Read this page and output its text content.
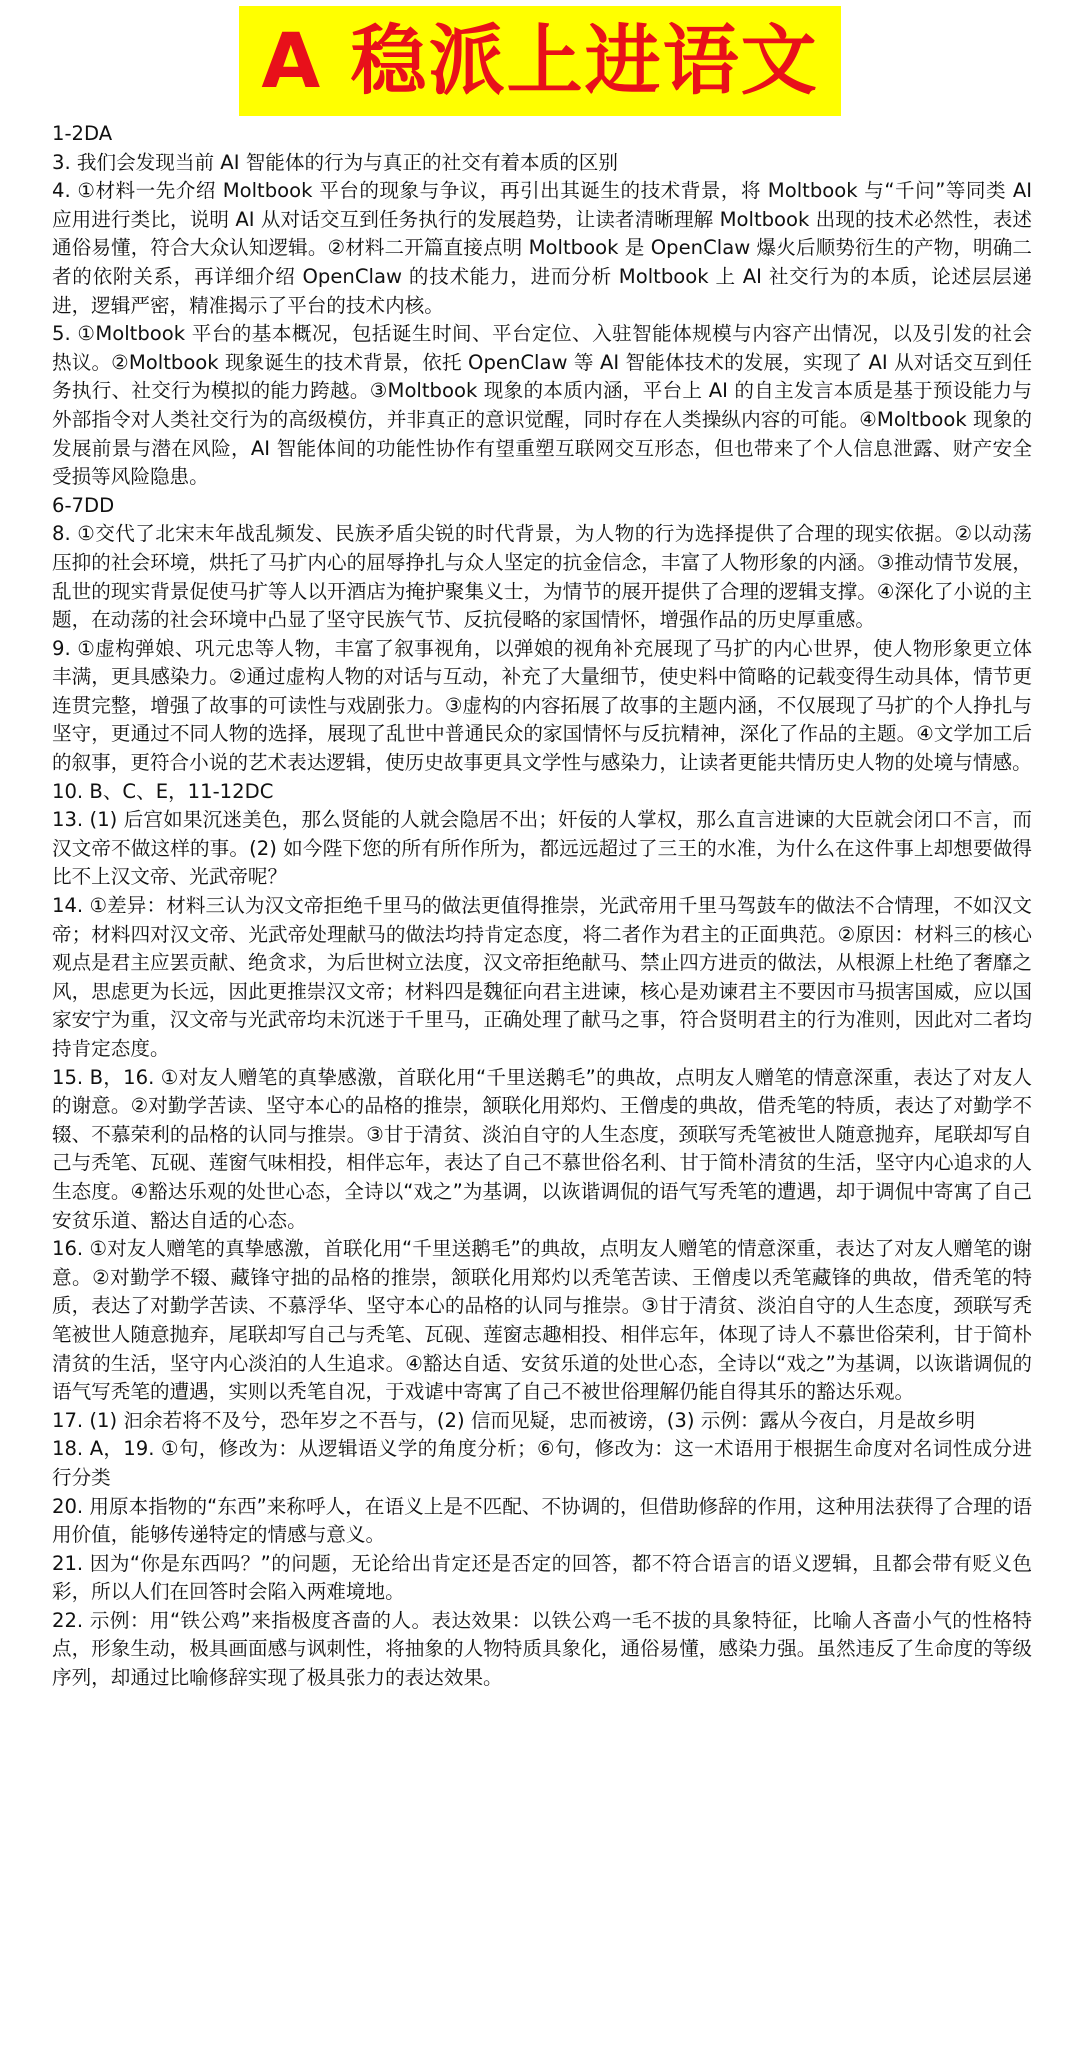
A 稳派上进语文

1-2DA

3. 我们会发现当前 AI 智能体的行为与真正的社交有着本质的区别

4. ①材料一先介绍 Moltbook 平台的现象与争议，再引出其诞生的技术背景，将 Moltbook 与“千问”等同类 AI 应用进行类比，说明 AI 从对话交互到任务执行的发展趋势，让读者清晰理解 Moltbook 出现的技术必然性，表述通俗易懂，符合大众认知逻辑。②材料二开篇直接点明 Moltbook 是 OpenClaw 爆火后顺势衍生的产物，明确二者的依附关系，再详细介绍 OpenClaw 的技术能力，进而分析 Moltbook 上 AI 社交行为的本质，论述层层递进，逻辑严密，精准揭示了平台的技术内核。

5. ①Moltbook 平台的基本概况，包括诞生时间、平台定位、入驻智能体规模与内容产出情况，以及引发的社会热议。②Moltbook 现象诞生的技术背景，依托 OpenClaw 等 AI 智能体技术的发展，实现了 AI 从对话交互到任务执行、社交行为模拟的能力跨越。③Moltbook 现象的本质内涵，平台上 AI 的自主发言本质是基于预设能力与外部指令对人类社交行为的高级模仿，并非真正的意识觉醒，同时存在人类操纵内容的可能。④Moltbook 现象的发展前景与潜在风险，AI 智能体间的功能性协作有望重塑互联网交互形态，但也带来了个人信息泄露、财产安全受损等风险隐患。

6-7DD

8. ①交代了北宋末年战乱频发、民族矛盾尖锐的时代背景，为人物的行为选择提供了合理的现实依据。②以动荡压抑的社会环境，烘托了马扩内心的屈辱挣扎与众人坚定的抗金信念，丰富了人物形象的内涵。③推动情节发展，乱世的现实背景促使马扩等人以开酒店为掩护聚集义士，为情节的展开提供了合理的逻辑支撑。④深化了小说的主题，在动荡的社会环境中凸显了坚守民族气节、反抗侵略的家国情怀，增强作品的历史厚重感。

9. ①虚构弹娘、巩元忠等人物，丰富了叙事视角，以弹娘的视角补充展现了马扩的内心世界，使人物形象更立体丰满，更具感染力。②通过虚构人物的对话与互动，补充了大量细节，使史料中简略的记载变得生动具体，情节更连贯完整，增强了故事的可读性与戏剧张力。③虚构的内容拓展了故事的主题内涵，不仅展现了马扩的个人挣扎与坚守，更通过不同人物的选择，展现了乱世中普通民众的家国情怀与反抗精神，深化了作品的主题。④文学加工后的叙事，更符合小说的艺术表达逻辑，使历史故事更具文学性与感染力，让读者更能共情历史人物的处境与情感。

10. B、C、E，11-12DC

13. (1) 后宫如果沉迷美色，那么贤能的人就会隐居不出；奸佞的人掌权，那么直言进谏的大臣就会闭口不言，而汉文帝不做这样的事。(2) 如今陛下您的所有所作所为，都远远超过了三王的水准，为什么在这件事上却想要做得比不上汉文帝、光武帝呢？

14. ①差异：材料三认为汉文帝拒绝千里马的做法更值得推崇，光武帝用千里马驾鼓车的做法不合情理，不如汉文帝；材料四对汉文帝、光武帝处理献马的做法均持肯定态度，将二者作为君主的正面典范。②原因：材料三的核心观点是君主应罢贡献、绝贪求，为后世树立法度，汉文帝拒绝献马、禁止四方进贡的做法，从根源上杜绝了奢靡之风，思虑更为长远，因此更推崇汉文帝；材料四是魏征向君主进谏，核心是劝谏君主不要因市马损害国威，应以国家安宁为重，汉文帝与光武帝均未沉迷于千里马，正确处理了献马之事，符合贤明君主的行为准则，因此对二者均持肯定态度。

15. B，16. ①对友人赠笔的真挚感激，首联化用“千里送鹅毛”的典故，点明友人赠笔的情意深重，表达了对友人的谢意。②对勤学苦读、坚守本心的品格的推崇，颔联化用郑灼、王僧虔的典故，借秃笔的特质，表达了对勤学不辍、不慕荣利的品格的认同与推崇。③甘于清贫、淡泊自守的人生态度，颈联写秃笔被世人随意抛弃，尾联却写自己与秃笔、瓦砚、莲窗气味相投，相伴忘年，表达了自己不慕世俗名利、甘于简朴清贫的生活，坚守内心追求的人生态度。④豁达乐观的处世心态，全诗以“戏之”为基调，以诙谐调侃的语气写秃笔的遭遇，却于调侃中寄寓了自己安贫乐道、豁达自适的心态。

16. ①对友人赠笔的真挚感激，首联化用“千里送鹅毛”的典故，点明友人赠笔的情意深重，表达了对友人赠笔的谢意。②对勤学不辍、藏锋守拙的品格的推崇，颔联化用郑灼以秃笔苦读、王僧虔以秃笔藏锋的典故，借秃笔的特质，表达了对勤学苦读、不慕浮华、坚守本心的品格的认同与推崇。③甘于清贫、淡泊自守的人生态度，颈联写秃笔被世人随意抛弃，尾联却写自己与秃笔、瓦砚、莲窗志趣相投、相伴忘年，体现了诗人不慕世俗荣利，甘于简朴清贫的生活，坚守内心淡泊的人生追求。④豁达自适、安贫乐道的处世心态，全诗以“戏之”为基调，以诙谐调侃的语气写秃笔的遭遇，实则以秃笔自况，于戏谑中寄寓了自己不被世俗理解仍能自得其乐的豁达乐观。

17. (1) 汩余若将不及兮，恐年岁之不吾与，(2) 信而见疑，忠而被谤，(3) 示例：露从今夜白，月是故乡明

18. A，19. ①句，修改为：从逻辑语义学的角度分析；⑥句，修改为：这一术语用于根据生命度对名词性成分进行分类

20. 用原本指物的“东西”来称呼人，在语义上是不匹配、不协调的，但借助修辞的作用，这种用法获得了合理的语用价值，能够传递特定的情感与意义。

21. 因为“你是东西吗？”的问题，无论给出肯定还是否定的回答，都不符合语言的语义逻辑，且都会带有贬义色彩，所以人们在回答时会陷入两难境地。

22. 示例：用“铁公鸡”来指极度吝啬的人。表达效果：以铁公鸡一毛不拔的具象特征，比喻人吝啬小气的性格特点，形象生动，极具画面感与讽刺性，将抽象的人物特质具象化，通俗易懂，感染力强。虽然违反了生命度的等级序列，却通过比喻修辞实现了极具张力的表达效果。
